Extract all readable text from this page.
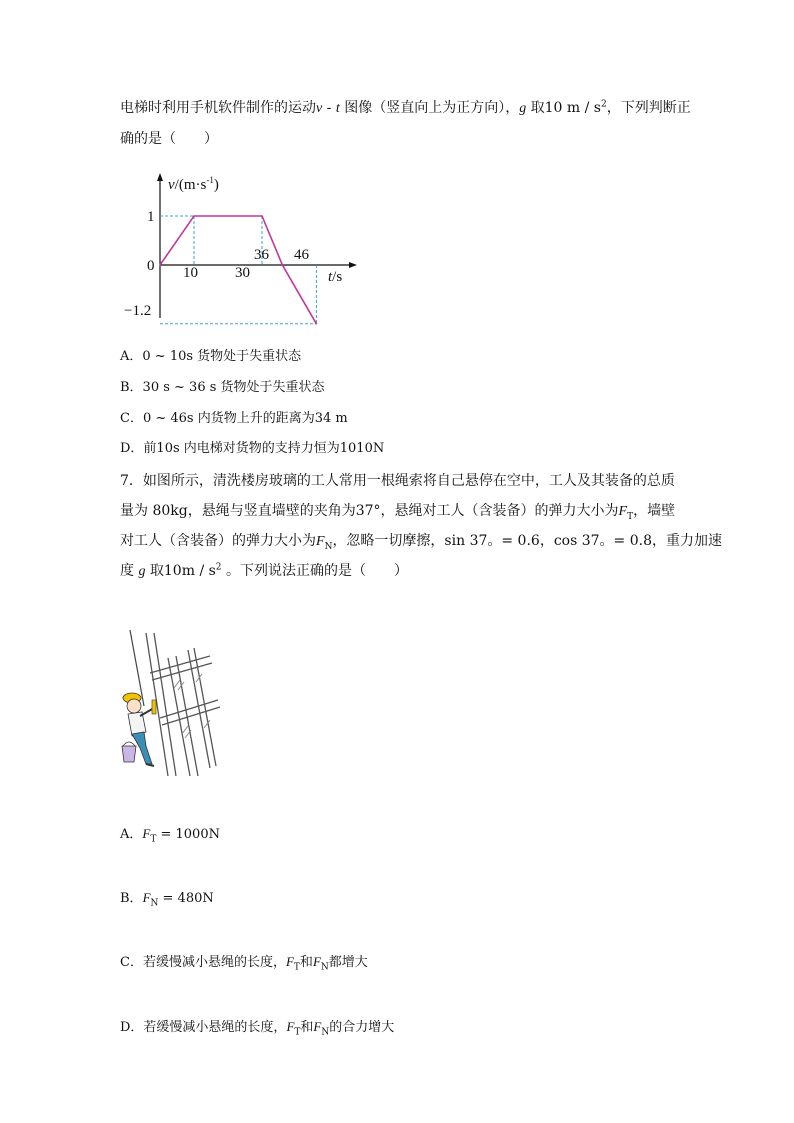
电梯时利用手机软件制作的运动v - t 图像（竖直向上为正方向），g 取10 m / $s^2$，下列判断正
确的是（　　）
$v/(m\cdot s^{-1})$
t/s
1
0
−1.2
10 30
36 46
A．0 ~ 10s 货物处于失重状态
B．30 s ~ 36 s 货物处于失重状态
C．0 ~ 46s 内货物上升的距离为34 m
D．前10s 内电梯对货物的支持力恒为1010N
7．如图所示，清洗楼房玻璃的工人常用一根绳索将自己悬停在空中，工人及其装备的总质
量为 80kg，悬绳与竖直墙壁的夹角为37°，悬绳对工人（含装备）的弹力大小为$F_T$，墙壁
对工人（含装备）的弹力大小为$F_N$，忽略一切摩擦，sin 37。= 0.6，cos 37。= 0.8，重力加速
度 g 取$10m / s^2$ 。下列说法正确的是（　　）
A．$F_T = 1000N$
B．$F_N = 480N$
C．若缓慢减小悬绳的长度，$F_T$和$F_N$都增大
D．若缓慢减小悬绳的长度，$F_T$和$F_N$的合力增大
